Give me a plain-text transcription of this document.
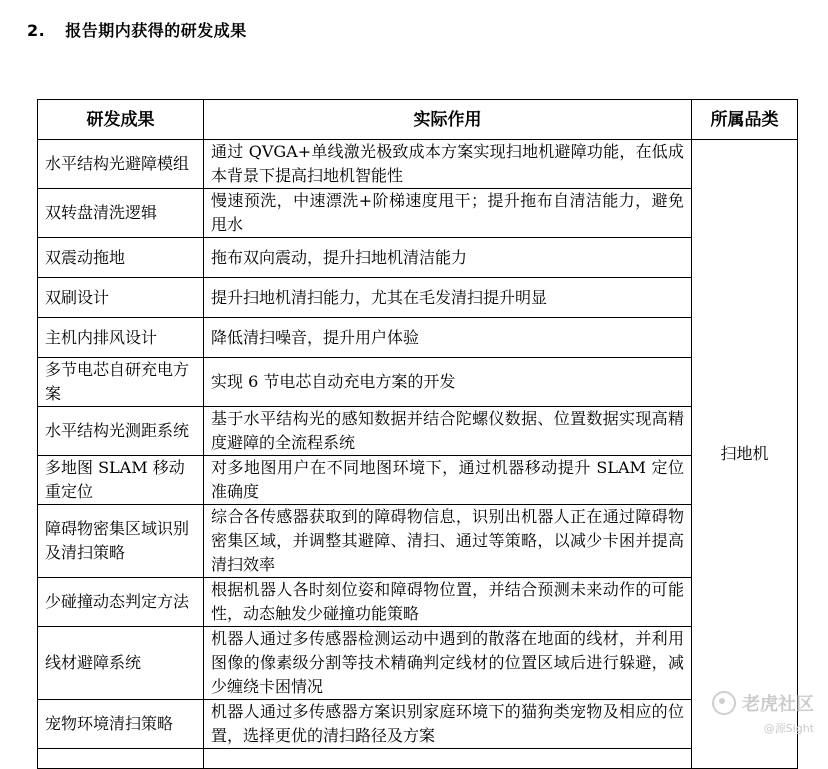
2. 报告期内获得的研发成果
研发成果	实际作用	所属品类
水平结构光避障模组	通过 QVGA+单线激光极致成本方案实现扫地机避障功能，在低成本背景下提高扫地机智能性	扫地机
双转盘清洗逻辑	慢速预洗，中速漂洗+阶梯速度甩干；提升拖布自清洁能力，避免甩水	
双震动拖地	拖布双向震动，提升扫地机清洁能力	
双刷设计	提升扫地机清扫能力，尤其在毛发清扫提升明显	
主机内排风设计	降低清扫噪音，提升用户体验	
多节电芯自研充电方案	实现 6 节电芯自动充电方案的开发	
水平结构光测距系统	基于水平结构光的感知数据并结合陀螺仪数据、位置数据实现高精度避障的全流程系统	
多地图 SLAM 移动重定位	对多地图用户在不同地图环境下，通过机器移动提升 SLAM 定位准确度	
障碍物密集区域识别及清扫策略	综合各传感器获取到的障碍物信息，识别出机器人正在通过障碍物密集区域，并调整其避障、清扫、通过等策略，以减少卡困并提高清扫效率	
少碰撞动态判定方法	根据机器人各时刻位姿和障碍物位置，并结合预测未来动作的可能性，动态触发少碰撞功能策略	
线材避障系统	机器人通过多传感器检测运动中遇到的散落在地面的线材，并利用图像的像素级分割等技术精确判定线材的位置区域后进行躲避，减少缠绕卡困情况	
宠物环境清扫策略	机器人通过多传感器方案识别家庭环境下的猫狗类宠物及相应的位置，选择更优的清扫路径及方案	

老虎社区
@源Sight
